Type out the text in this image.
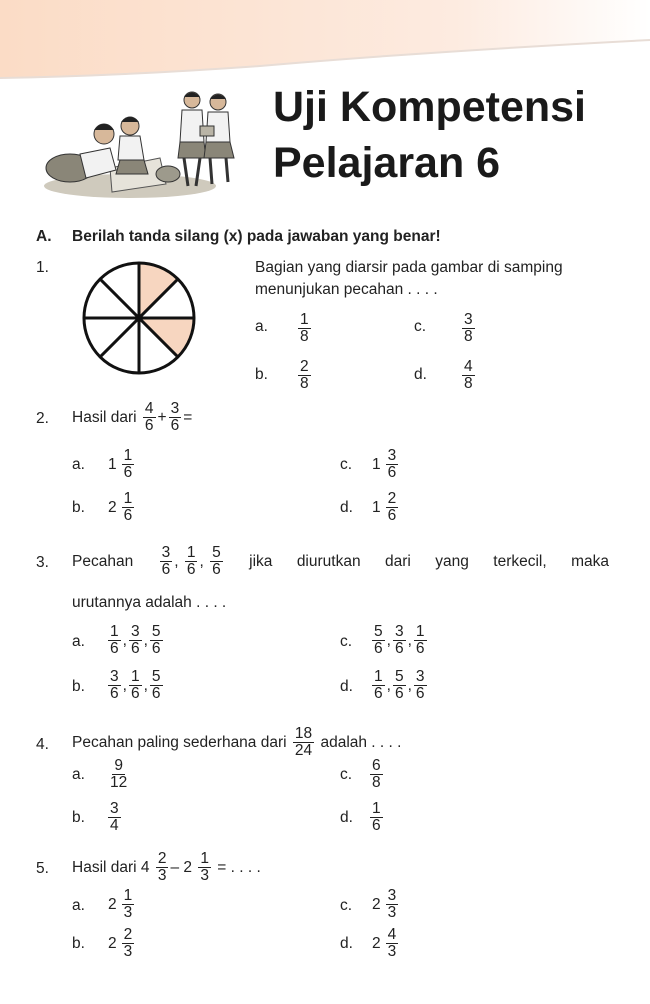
Uji Kompetensi
Pelajaran 6
A. Berilah tanda silang (x) pada jawaban yang benar!
1.	Bagian yang diarsir pada gambar di samping
menunjukan pecahan . . . .
a. $\frac{1}{8}$	c. $\frac{3}{8}$
b. $\frac{2}{8}$	d. $\frac{4}{8}$
2. Hasil dari
$\frac{4}{6} + \frac{3}{6}$ =
a. $1 \frac{1}{6}$	c. $1 \frac{3}{6}$
b. $2 \frac{1}{6}$	d. $1 \frac{2}{6}$
3. Pecahan $\frac{3}{6}$ ,
$\frac{1}{6}$ ,
$\frac{5}{6}$ jika diurutkan dari yang terkecil, maka
urutannya adalah . . . .
a. $\frac{1}{6}$ , $\frac{3}{6}$ , $\frac{5}{6}$	c. $\frac{5}{6}$ , $\frac{3}{6}$ , $\frac{1}{6}$
b. $\frac{3}{6}$ , $\frac{1}{6}$ , $\frac{5}{6}$	d. $\frac{1}{6}$ , $\frac{5}{6}$ , $\frac{3}{6}$
4. Pecahan paling sederhana dari
$\frac{18}{24}$
adalah . . . .
a. $\frac{9}{12}$	c. $\frac{6}{8}$
b. $\frac{3}{4}$	d. $\frac{1}{6}$
5. Hasil dari
4
$\frac{2}{3}$ –
2
$\frac{1}{3}$
= . . . .
a. $2 \frac{1}{3}$	c. $2 \frac{3}{3}$
b. $2 \frac{2}{3}$	d. $2 \frac{4}{3}$
